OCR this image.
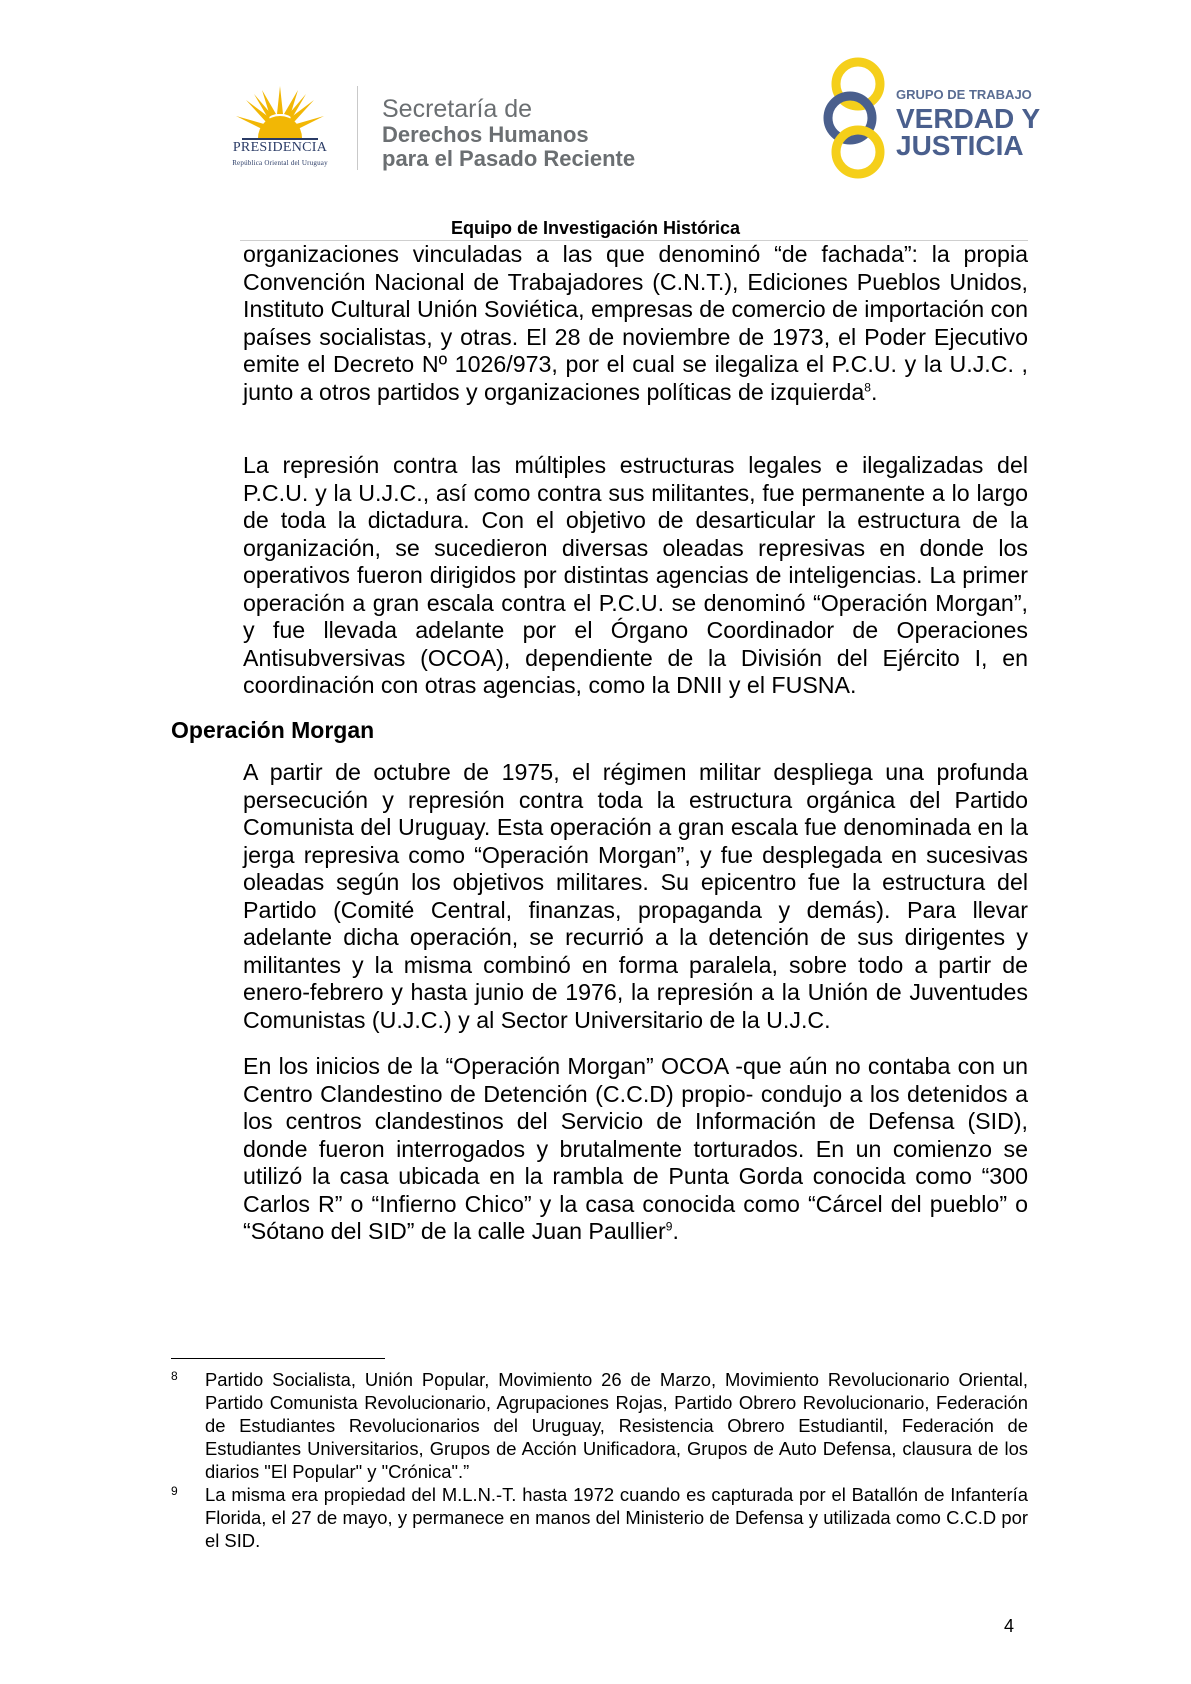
PRESIDENCIA
República Oriental del Uruguay
Secretaría de
Derechos Humanos
para el Pasado Reciente
GRUPO DE TRABAJO
VERDAD Y
JUSTICIA
Equipo de Investigación Histórica

organizaciones vinculadas a las que denominó “de fachada”: la propia Convención Nacional de Trabajadores (C.N.T.), Ediciones Pueblos Unidos, Instituto Cultural Unión Soviética, empresas de comercio de importación con países socialistas, y otras. El 28 de noviembre de 1973, el Poder Ejecutivo emite el Decreto Nº 1026/973, por el cual se ilegaliza el P.C.U. y la U.J.C. , junto a otros partidos y organizaciones políticas de izquierda$^8$.

La represión contra las múltiples estructuras legales e ilegalizadas del P.C.U. y la U.J.C., así como contra sus militantes, fue permanente a lo largo de toda la dictadura. Con el objetivo de desarticular la estructura de la organización, se sucedieron diversas oleadas represivas en donde los operativos fueron dirigidos por distintas agencias de inteligencias. La primer operación a gran escala contra el P.C.U. se denominó “Operación Morgan”, y fue llevada adelante por el Órgano Coordinador de Operaciones Antisubversivas (OCOA), dependiente de la División del Ejército I, en coordinación con otras agencias, como la DNII y el FUSNA.

Operación Morgan

A partir de octubre de 1975, el régimen militar despliega una profunda persecución y represión contra toda la estructura orgánica del Partido Comunista del Uruguay. Esta operación a gran escala fue denominada en la jerga represiva como “Operación Morgan”, y fue desplegada en sucesivas oleadas según los objetivos militares. Su epicentro fue la estructura del Partido (Comité Central, finanzas, propaganda y demás). Para llevar adelante dicha operación, se recurrió a la detención de sus dirigentes y militantes y la misma combinó en forma paralela, sobre todo a partir de enero-febrero y hasta junio de 1976, la represión a la Unión de Juventudes Comunistas (U.J.C.) y al Sector Universitario de la U.J.C.

En los inicios de la “Operación Morgan” OCOA -que aún no contaba con un Centro Clandestino de Detención (C.C.D) propio- condujo a los detenidos a los centros clandestinos del Servicio de Información de Defensa (SID), donde fueron interrogados y brutalmente torturados. En un comienzo se utilizó la casa ubicada en la rambla de Punta Gorda conocida como “300 Carlos R” o “Infierno Chico” y la casa conocida como “Cárcel del pueblo” o “Sótano del SID” de la calle Juan Paullier$^9$.

8 Partido Socialista, Unión Popular, Movimiento 26 de Marzo, Movimiento Revolucionario Oriental, Partido Comunista Revolucionario, Agrupaciones Rojas, Partido Obrero Revolucionario, Federación de Estudiantes Revolucionarios del Uruguay, Resistencia Obrero Estudiantil, Federación de Estudiantes Universitarios, Grupos de Acción Unificadora, Grupos de Auto Defensa, clausura de los diarios "El Popular" y "Crónica".”

9 La misma era propiedad del M.L.N.-T. hasta 1972 cuando es capturada por el Batallón de Infantería Florida, el 27 de mayo, y permanece en manos del Ministerio de Defensa y utilizada como C.C.D por el SID.

4
